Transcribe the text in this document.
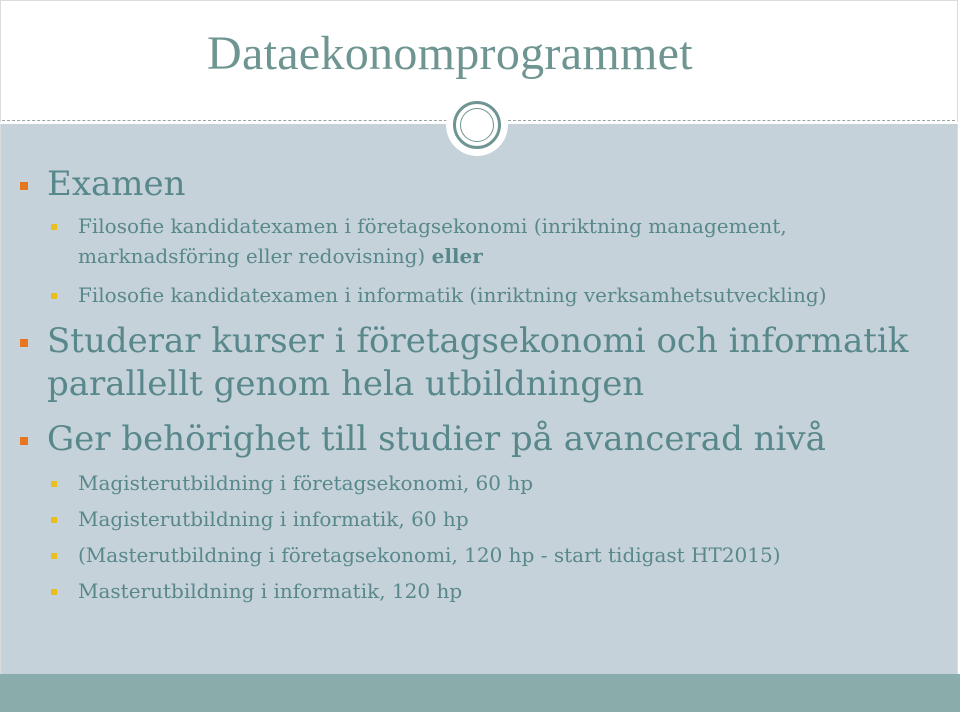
Dataekonomprogrammet
Examen
Filosofie kandidatexamen i företagsekonomi (inriktning management,
marknadsföring eller redovisning) eller
Filosofie kandidatexamen i informatik (inriktning verksamhetsutveckling)
Studerar kurser i företagsekonomi och informatik
parallellt genom hela utbildningen
Ger behörighet till studier på avancerad nivå
Magisterutbildning i företagsekonomi, 60 hp
Magisterutbildning i informatik, 60 hp
(Masterutbildning i företagsekonomi, 120 hp - start tidigast HT2015)
Masterutbildning i informatik, 120 hp
